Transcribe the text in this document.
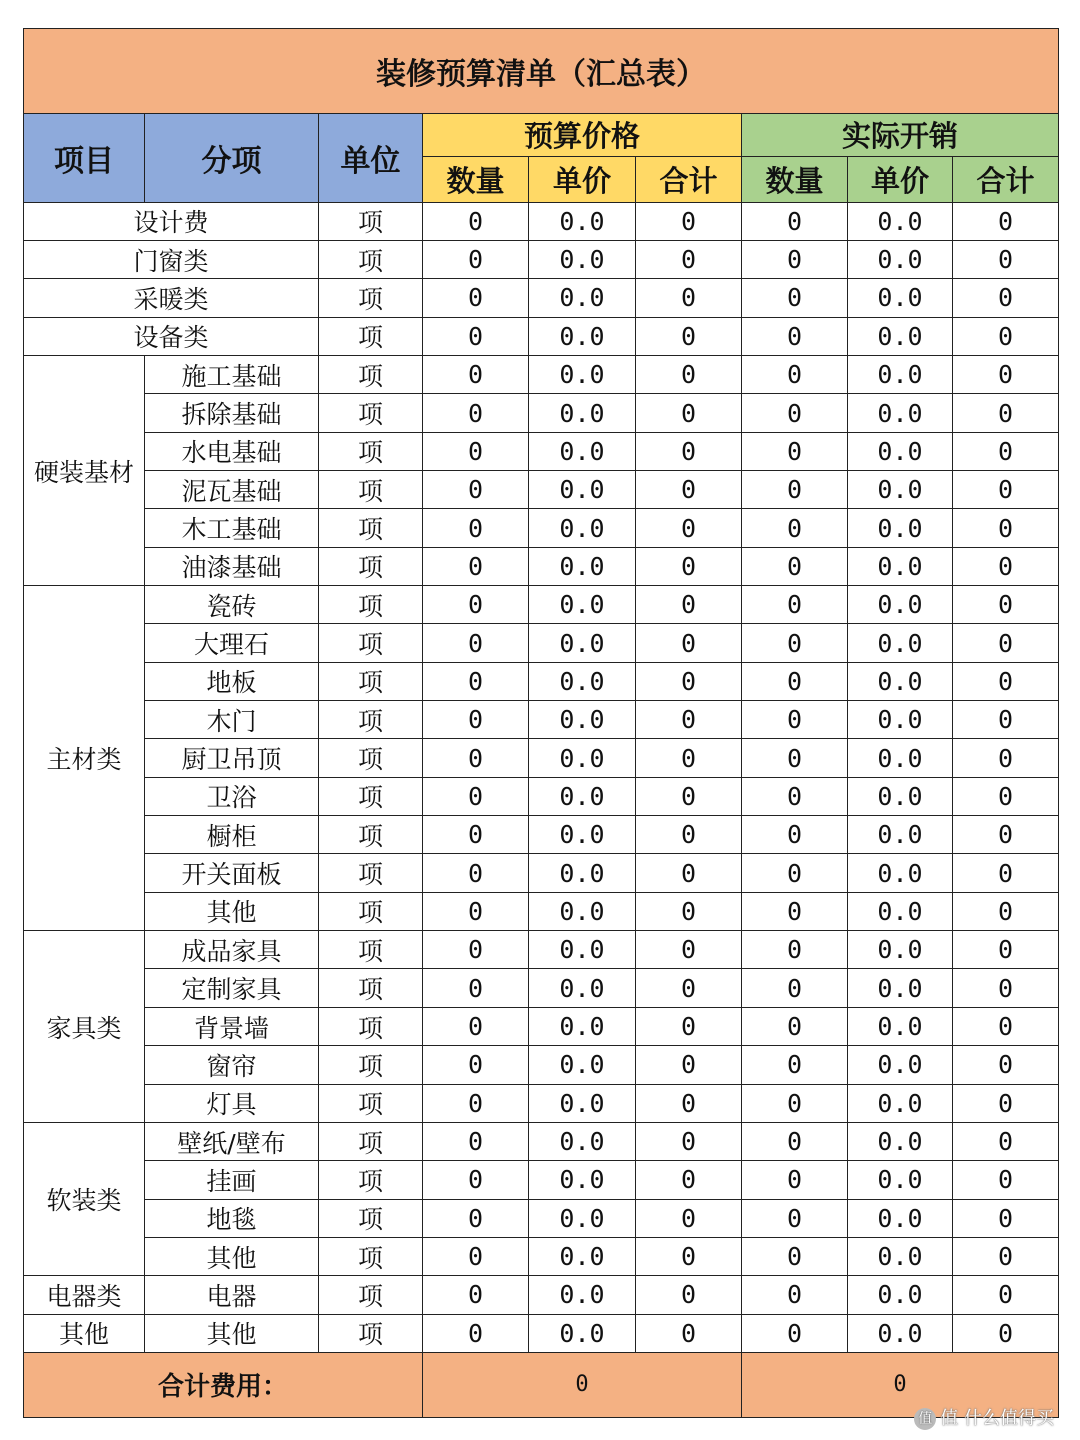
装修预算清单（汇总表）								
项目	分项	单位	预算价格			实际开销		
			数量	单价	合计	数量	单价	合计
设计费		项	0	0.0	0	0	0.0	0
门窗类		项	0	0.0	0	0	0.0	0
采暖类		项	0	0.0	0	0	0.0	0
设备类		项	0	0.0	0	0	0.0	0
硬装基材	施工基础	项	0	0.0	0	0	0.0	0
	拆除基础	项	0	0.0	0	0	0.0	0
	水电基础	项	0	0.0	0	0	0.0	0
	泥瓦基础	项	0	0.0	0	0	0.0	0
	木工基础	项	0	0.0	0	0	0.0	0
	油漆基础	项	0	0.0	0	0	0.0	0
主材类	瓷砖	项	0	0.0	0	0	0.0	0
	大理石	项	0	0.0	0	0	0.0	0
	地板	项	0	0.0	0	0	0.0	0
	木门	项	0	0.0	0	0	0.0	0
	厨卫吊顶	项	0	0.0	0	0	0.0	0
	卫浴	项	0	0.0	0	0	0.0	0
	橱柜	项	0	0.0	0	0	0.0	0
	开关面板	项	0	0.0	0	0	0.0	0
	其他	项	0	0.0	0	0	0.0	0
家具类	成品家具	项	0	0.0	0	0	0.0	0
	定制家具	项	0	0.0	0	0	0.0	0
	背景墙	项	0	0.0	0	0	0.0	0
	窗帘	项	0	0.0	0	0	0.0	0
	灯具	项	0	0.0	0	0	0.0	0
软装类	壁纸/壁布	项	0	0.0	0	0	0.0	0
	挂画	项	0	0.0	0	0	0.0	0
	地毯	项	0	0.0	0	0	0.0	0
	其他	项	0	0.0	0	0	0.0	0
电器类	电器	项	0	0.0	0	0	0.0	0
其他	其他	项	0	0.0	0	0	0.0	0
合计费用：			0			0		
值 值 什么值得买
